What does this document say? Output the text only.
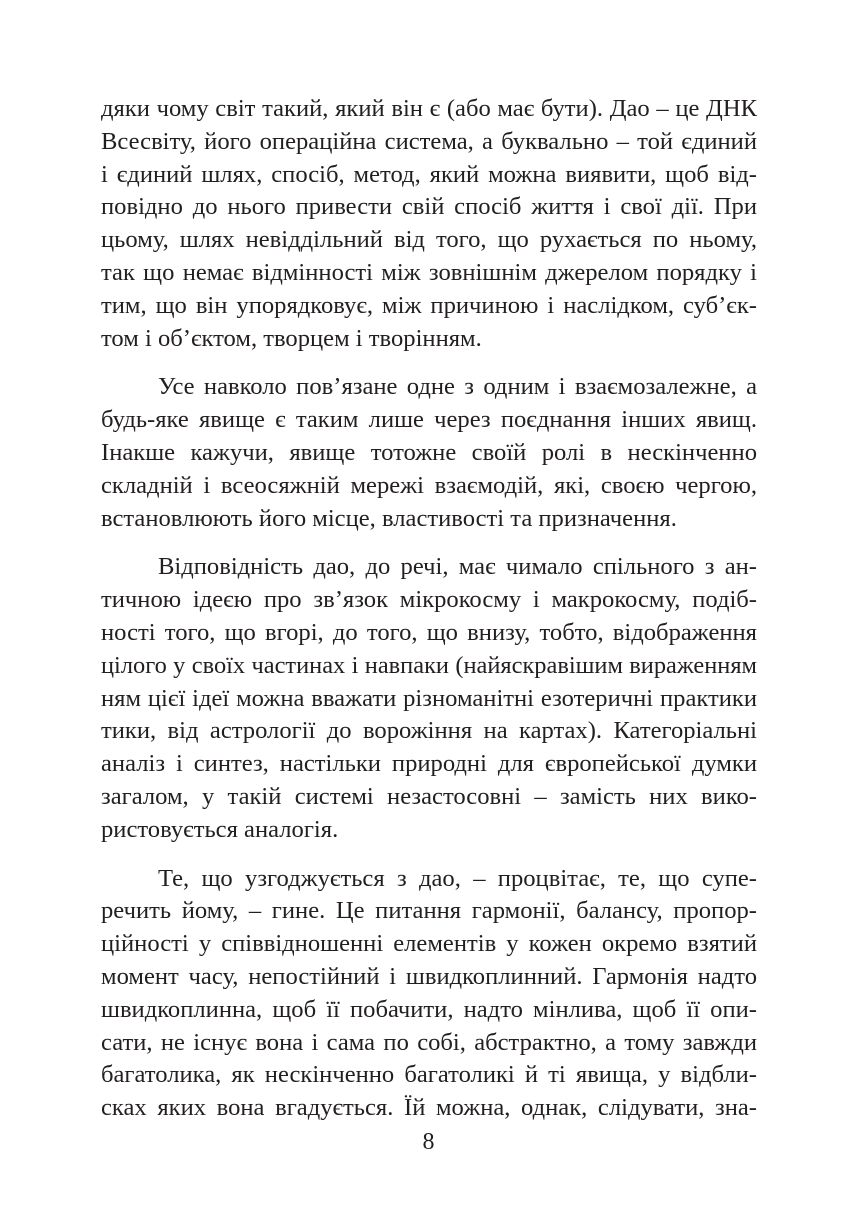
дяки чому світ такий, який він є (або має бути). Дао – це ДНК
Всесвіту, його операційна система, а буквально – той єдиний
і єдиний шлях, спосіб, метод, який можна виявити, щоб від-
повідно до нього привести свій спосіб життя і свої дії. При
цьому, шлях невіддільний від того, що рухається по ньому,
так що немає відмінності між зовнішнім джерелом порядку і
тим, що він упорядковує, між причиною і наслідком, суб’єк-
том і об’єктом, творцем і творінням.

Усе навколо пов’язане одне з одним і взаємозалежне, а
будь-яке явище є таким лише через поєднання інших явищ.
Інакше кажучи, явище тотожне своїй ролі в нескінченно
складній і всеосяжній мережі взаємодій, які, своєю чергою,
встановлюють його місце, властивості та призначення.

Відповідність дао, до речі, має чимало спільного з ан-
тичною ідеєю про зв’язок мікрокосму і макрокосму, подіб-
ності того, що вгорі, до того, що внизу, тобто, відображення
цілого у своїх частинах і навпаки (найяскравішим вираженням
ням цієї ідеї можна вважати різноманітні езотеричні практики
тики, від астрології до ворожіння на картах). Категоріальні
аналіз і синтез, настільки природні для європейської думки
загалом, у такій системі незастосовні – замість них вико-
ристовується аналогія.

Те, що узгоджується з дао, – процвітає, те, що супе-
речить йому, – гине. Це питання гармонії, балансу, пропор-
ційності у співвідношенні елементів у кожен окремо взятий
момент часу, непостійний і швидкоплинний. Гармонія надто
швидкоплинна, щоб її побачити, надто мінлива, щоб її опи-
сати, не існує вона і сама по собі, абстрактно, а тому завжди
багатолика, як нескінченно багатоликі й ті явища, у відбли-
сках яких вона вгадується. Їй можна, однак, слідувати, зна-

8
